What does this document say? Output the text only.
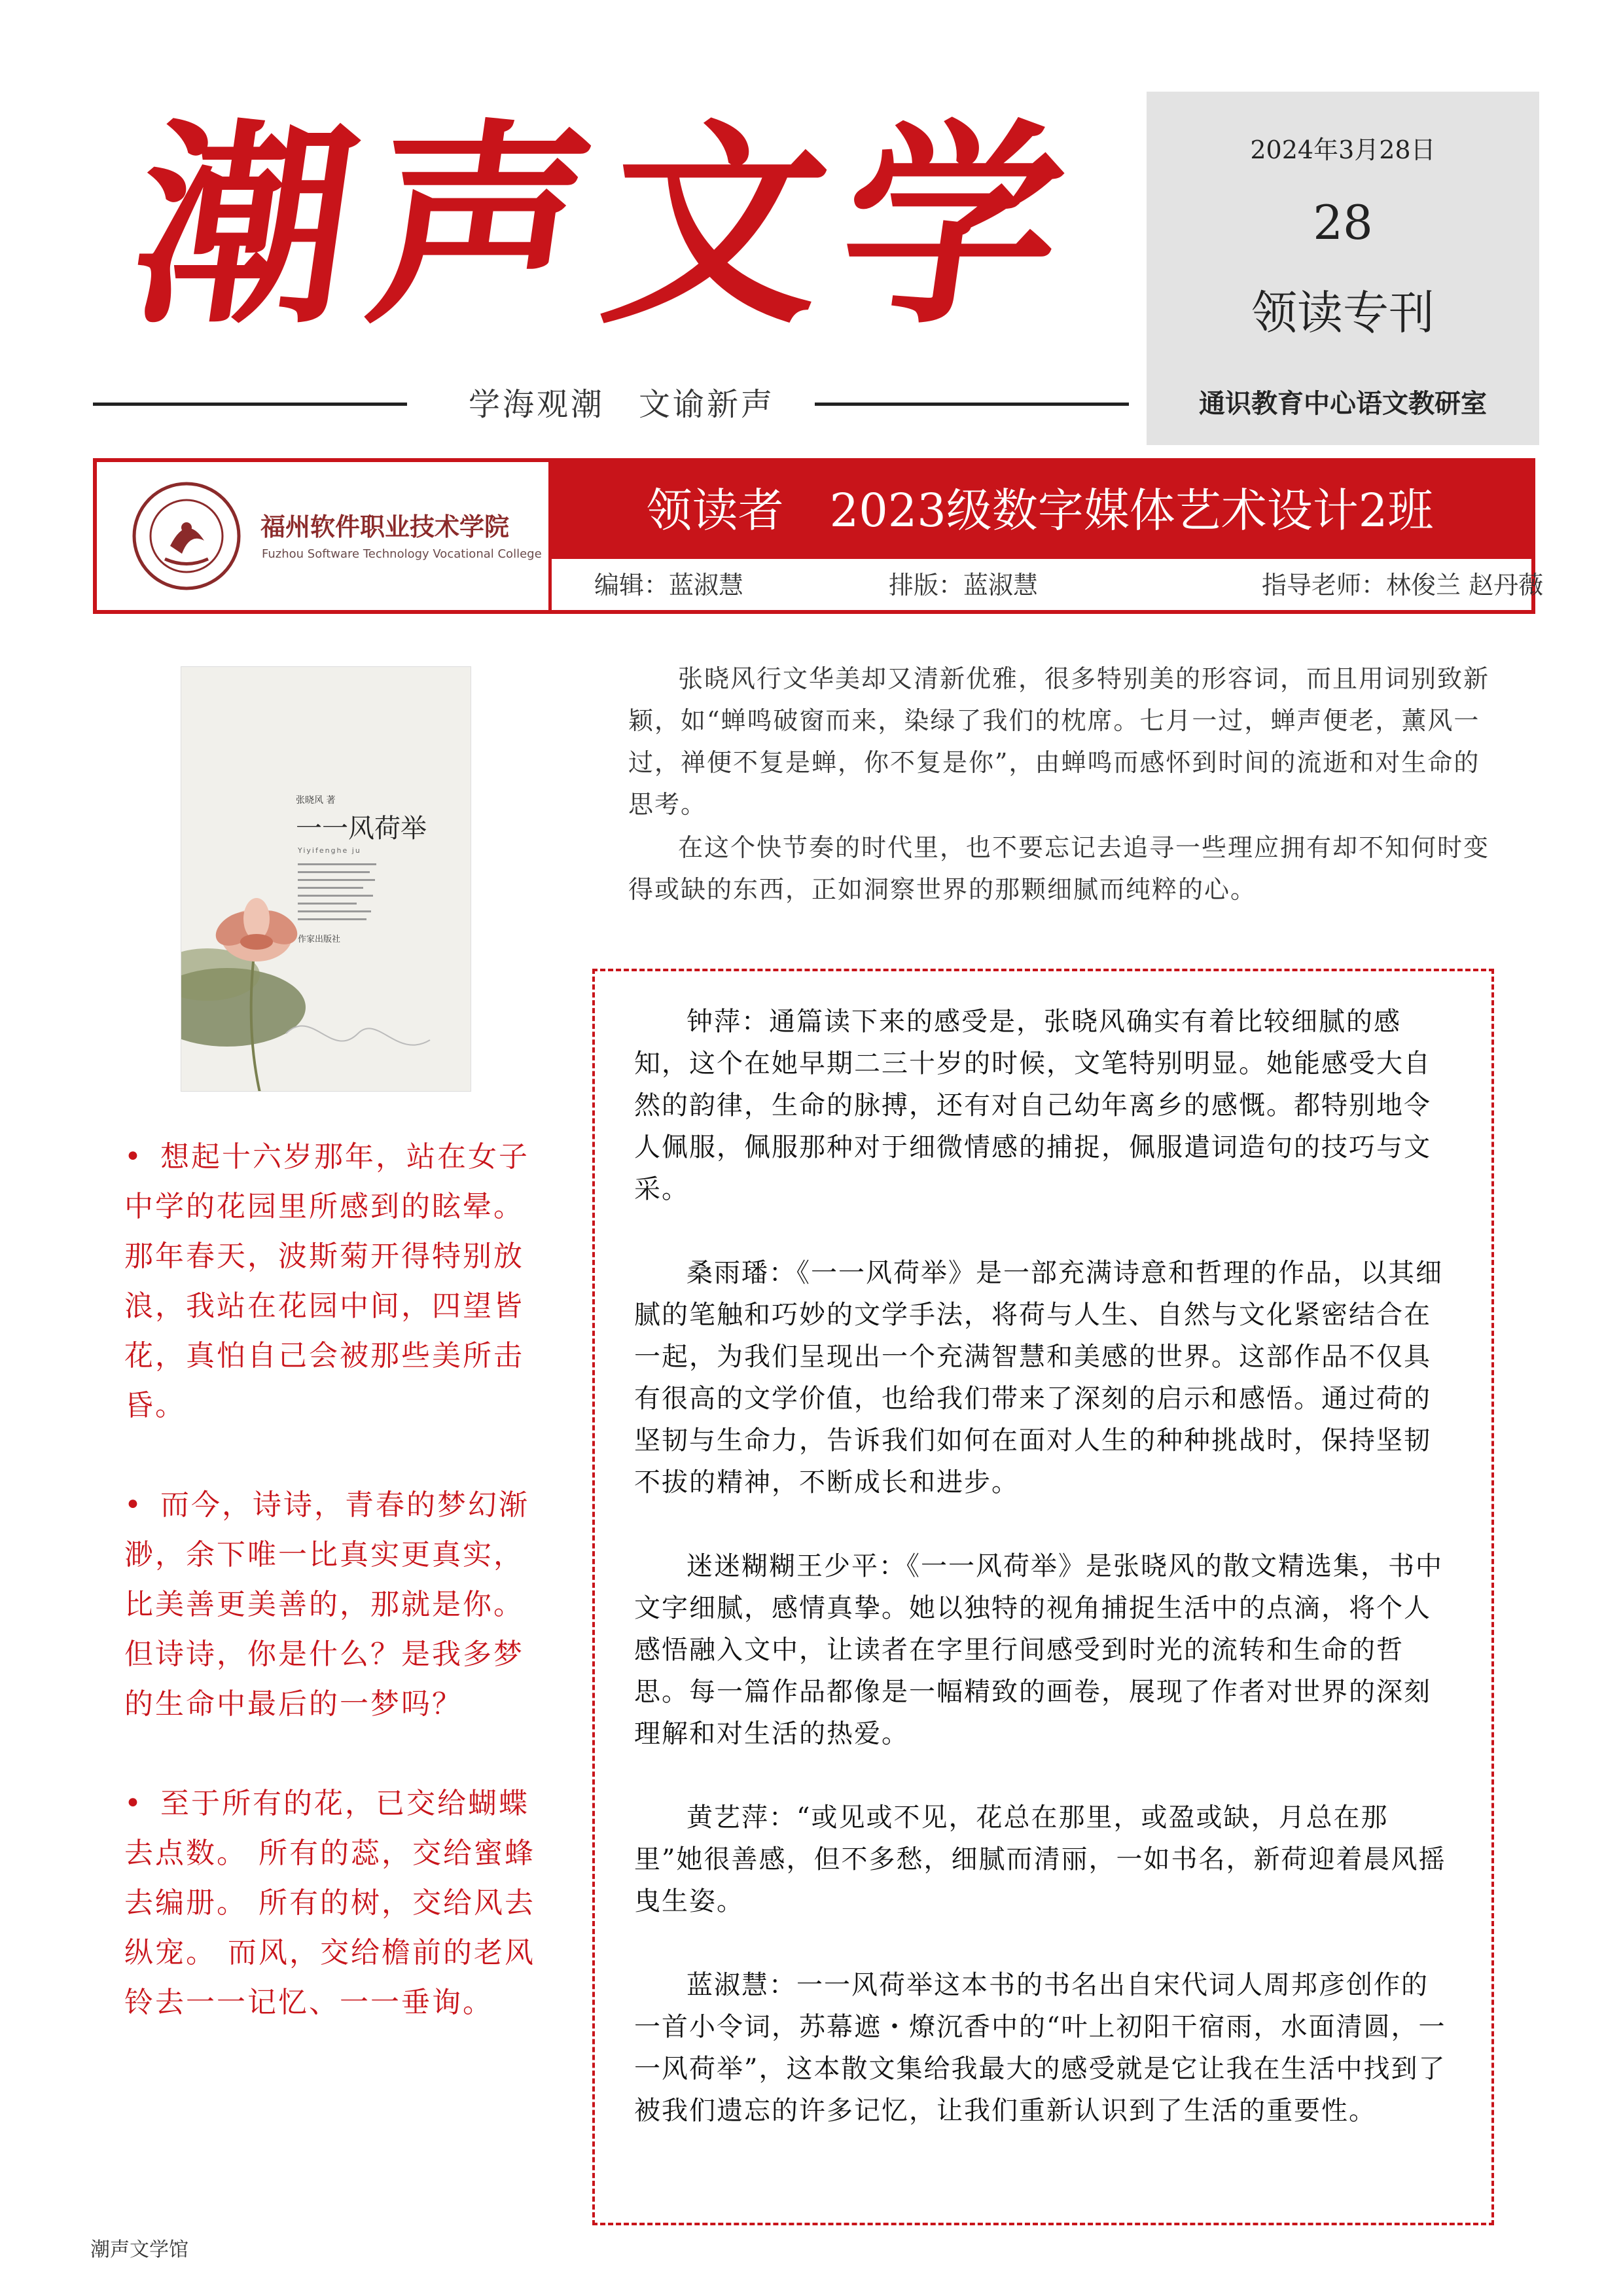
潮声文学
学海观潮　文谕新声
2024年3月28日
28
领读专刊
通识教育中心语文教研室
福州软件职业技术学院
Fuzhou Software Technology Vocational College
领读者　2023级数字媒体艺术设计2班
编辑：蓝淑慧	排版：蓝淑慧	指导老师：林俊兰 赵丹薇
张晓风 著
一一风荷举
Yiyifenghe ju
作家出版社

张晓风行文华美却又清新优雅，很多特别美的形容词，而且用词别致新颖，如“蝉鸣破窗而来，染绿了我们的枕席。七月一过，蝉声便老，薰风一过，禅便不复是蝉，你不复是你”，由蝉鸣而感怀到时间的流逝和对生命的思考。

在这个快节奏的时代里，也不要忘记去追寻一些理应拥有却不知何时变得或缺的东西，正如洞察世界的那颗细腻而纯粹的心。

• 想起十六岁那年，站在女子中学的花园里所感到的眩晕。那年春天，波斯菊开得特别放浪，我站在花园中间，四望皆花，真怕自己会被那些美所击昏。
• 而今，诗诗，青春的梦幻渐渺，余下唯一比真实更真实，比美善更美善的，那就是你。但诗诗，你是什么？是我多梦的生命中最后的一梦吗？
• 至于所有的花，已交给蝴蝶去点数。 所有的蕊，交给蜜蜂去编册。 所有的树，交给风去纵宠。 而风，交给檐前的老风铃去一一记忆、一一垂询。

钟萍：通篇读下来的感受是，张晓风确实有着比较细腻的感知，这个在她早期二三十岁的时候，文笔特别明显。她能感受大自然的韵律，生命的脉搏，还有对自己幼年离乡的感慨。都特别地令人佩服，佩服那种对于细微情感的捕捉，佩服遣词造句的技巧与文采。

桑雨璠：《一一风荷举》是一部充满诗意和哲理的作品，以其细腻的笔触和巧妙的文学手法，将荷与人生、自然与文化紧密结合在一起，为我们呈现出一个充满智慧和美感的世界。这部作品不仅具有很高的文学价值，也给我们带来了深刻的启示和感悟。通过荷的坚韧与生命力，告诉我们如何在面对人生的种种挑战时，保持坚韧不拔的精神，不断成长和进步。

迷迷糊糊王少平：《一一风荷举》是张晓风的散文精选集，书中文字细腻，感情真挚。她以独特的视角捕捉生活中的点滴，将个人感悟融入文中，让读者在字里行间感受到时光的流转和生命的哲思。每一篇作品都像是一幅精致的画卷，展现了作者对世界的深刻理解和对生活的热爱。

黄艺萍：“或见或不见，花总在那里，或盈或缺，月总在那里”她很善感，但不多愁，细腻而清丽，一如书名，新荷迎着晨风摇曳生姿。

蓝淑慧：一一风荷举这本书的书名出自宋代词人周邦彦创作的一首小令词，苏幕遮・燎沉香中的“叶上初阳干宿雨，水面清圆，一一风荷举”，这本散文集给我最大的感受就是它让我在生活中找到了被我们遗忘的许多记忆，让我们重新认识到了生活的重要性。

潮声文学馆
